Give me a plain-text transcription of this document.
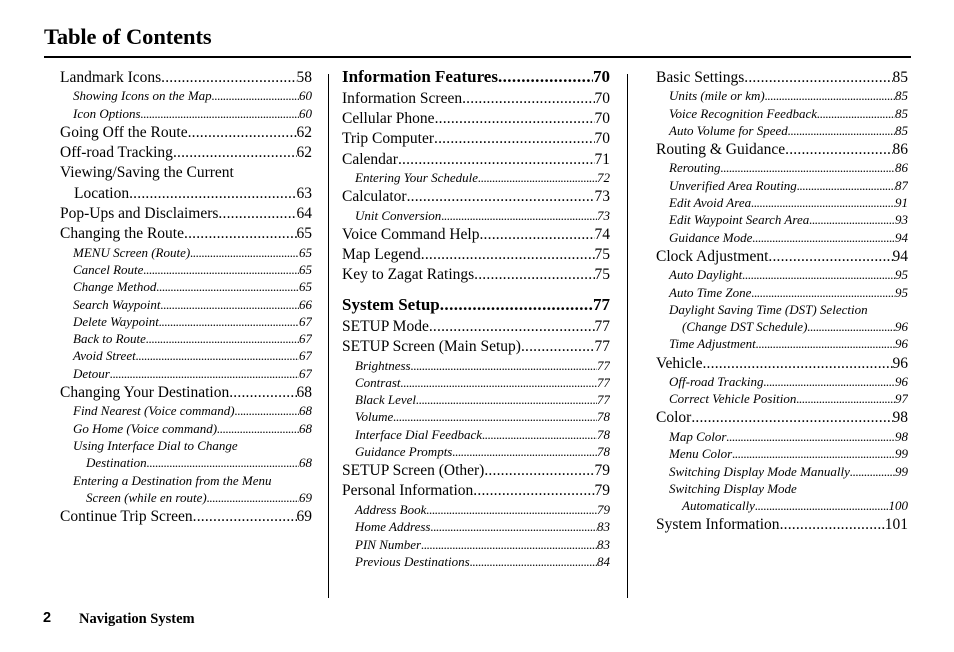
Table of Contents
Landmark Icons .....	58
Showing Icons on the Map .....	60
Icon Options .....	60
Going Off the Route .....	62
Off-road Tracking .....	62
Viewing/Saving the Current
Location .....	63
Pop-Ups and Disclaimers .....	64
Changing the Route .....	65
MENU Screen (Route) .....	65
Cancel Route .....	65
Change Method .....	65
Search Waypoint .....	66
Delete Waypoint .....	67
Back to Route .....	67
Avoid Street .....	67
Detour .....	67
Changing Your Destination .....	68
Find Nearest (Voice command) .....	68
Go Home (Voice command) .....	68
Using Interface Dial to Change
Destination .....	68
Entering a Destination from the Menu
Screen (while en route) .....	69
Continue Trip Screen .....	69
Information Features .....	70
Information Screen .....	70
Cellular Phone .....	70
Trip Computer .....	70
Calendar .....	71
Entering Your Schedule .....	72
Calculator .....	73
Unit Conversion .....	73
Voice Command Help .....	74
Map Legend .....	75
Key to Zagat Ratings .....	75
System Setup .....	77
SETUP Mode .....	77
SETUP Screen (Main Setup) .....	77
Brightness .....	77
Contrast .....	77
Black Level .....	77
Volume .....	78
Interface Dial Feedback .....	78
Guidance Prompts .....	78
SETUP Screen (Other) .....	79
Personal Information .....	79
Address Book .....	79
Home Address .....	83
PIN Number .....	83
Previous Destinations .....	84
Basic Settings .....	85
Units (mile or km) .....	85
Voice Recognition Feedback .....	85
Auto Volume for Speed .....	85
Routing & Guidance .....	86
Rerouting .....	86
Unverified Area Routing .....	87
Edit Avoid Area .....	91
Edit Waypoint Search Area .....	93
Guidance Mode .....	94
Clock Adjustment .....	94
Auto Daylight .....	95
Auto Time Zone .....	95
Daylight Saving Time (DST) Selection
(Change DST Schedule) .....	96
Time Adjustment .....	96
Vehicle .....	96
Off-road Tracking .....	96
Correct Vehicle Position .....	97
Color .....	98
Map Color .....	98
Menu Color .....	99
Switching Display Mode Manually .....	99
Switching Display Mode
Automatically .....	100
System Information .....	101
2 Navigation System
